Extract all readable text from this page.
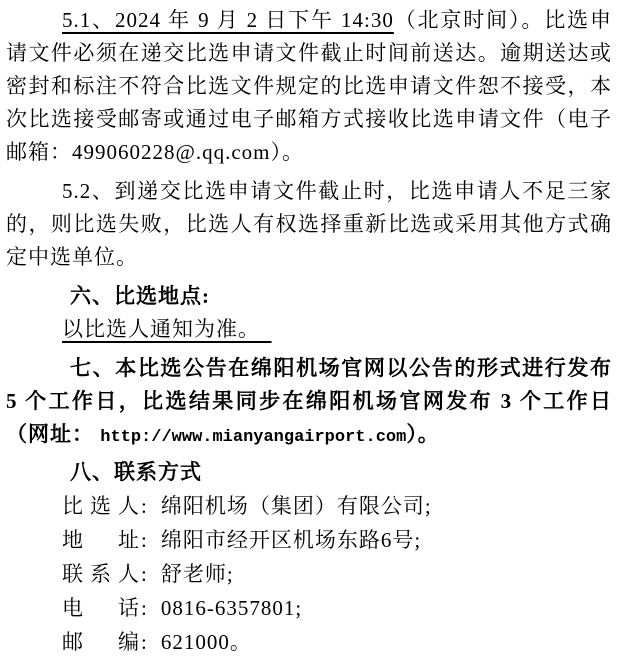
5.1、2024 年 9 月 2 日下午 14:30（北京时间）。比选申请文件必须在递交比选申请文件截止时间前送达。逾期送达或密封和标注不符合比选文件规定的比选申请文件恕不接受，本次比选接受邮寄或通过电子邮箱方式接收比选申请文件（电子邮箱：499060228@.qq.com）。

5.2、到递交比选申请文件截止时，比选申请人不足三家的，则比选失败，比选人有权选择重新比选或采用其他方式确定中选单位。

六、比选地点:

以比选人通知为准。

七、本比选公告在绵阳机场官网以公告的形式进行发布 5 个工作日，比选结果同步在绵阳机场官网发布 3 个工作日（网址： http://www.mianyangairport.com）。

八、联系方式

比选人: 绵阳机场（集团）有限公司;
地址: 绵阳市经开区机场东路6号;
联系人: 舒老师;
电话: 0816-6357801;
邮编: 621000。
